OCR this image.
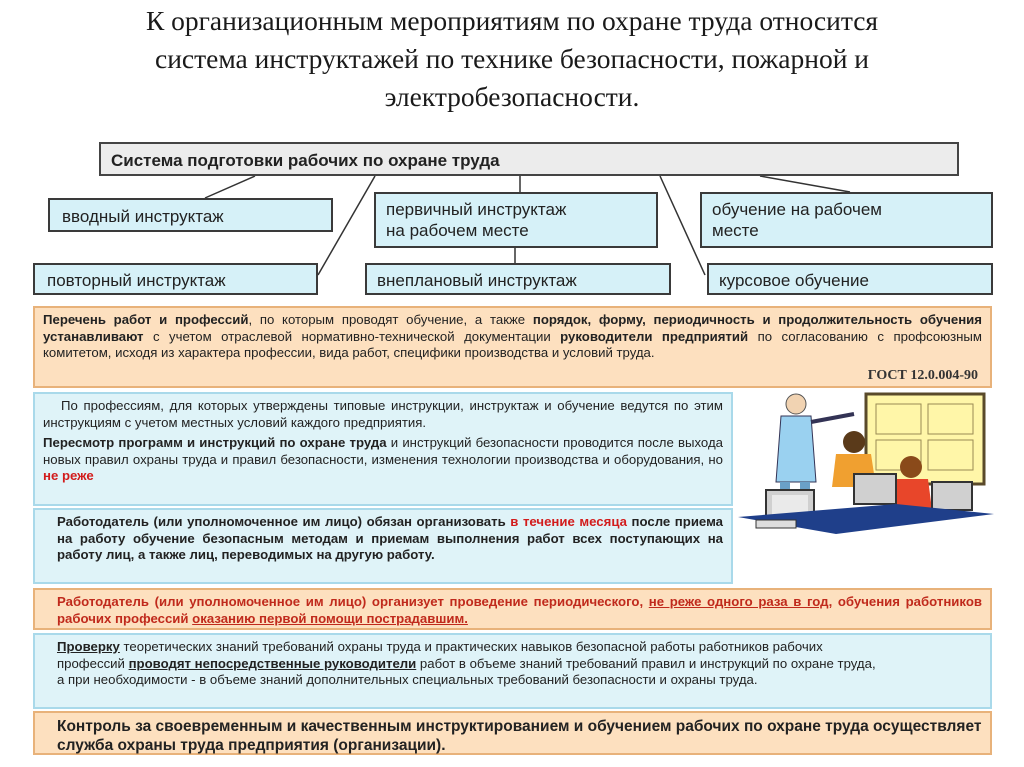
К организационным мероприятиям по охране труда относится
система инструктажей по технике безопасности, пожарной и
электробезопасности.
Система подготовки рабочих по охране труда
вводный инструктаж	первичный инструктаж
на рабочем месте
обучение на рабочем
месте
повторный инструктаж	внеплановый инструктаж	курсовое обучение
Перечень работ и профессий, по которым проводят обучение, а также порядок, форму, периодичность и продолжительность обучения устанавливают с учетом отраслевой нормативно-технической документации руководители предприятий по согласованию с профсоюзным комитетом, исходя из характера профессии, вида работ, специфики производства и условий труда.
ГОСТ 12.0.004-90
По профессиям, для которых утверждены типовые инструкции, инструктаж и обучение ведутся по этим инструкциям с учетом местных условий каждого предприятия.
Пересмотр программ и инструкций по охране труда и инструкций безопасности проводится после выхода новых правил охраны труда и правил безопасности, изменения технологии производства и оборудования, но не реже
Работодатель (или уполномоченное им лицо) обязан организовать в течение месяца после приема на работу обучение безопасным методам и приемам выполнения работ всех поступающих на работу лиц, а также лиц, переводимых на другую работу.
Работодатель (или уполномоченное им лицо) организует проведение периодического, не реже одного раза в год, обучения работников рабочих профессий оказанию первой помощи пострадавшим.
Проверку теоретических знаний требований охраны труда и практических навыков безопасной работы работников рабочих профессий проводят непосредственные руководители работ в объеме знаний требований правил и инструкций по охране труда, а при необходимости - в объеме знаний дополнительных специальных требований безопасности и охраны труда.
Контроль за своевременным и качественным инструктированием и обучением рабочих по охране труда осуществляет служба охраны труда предприятия (организации).
